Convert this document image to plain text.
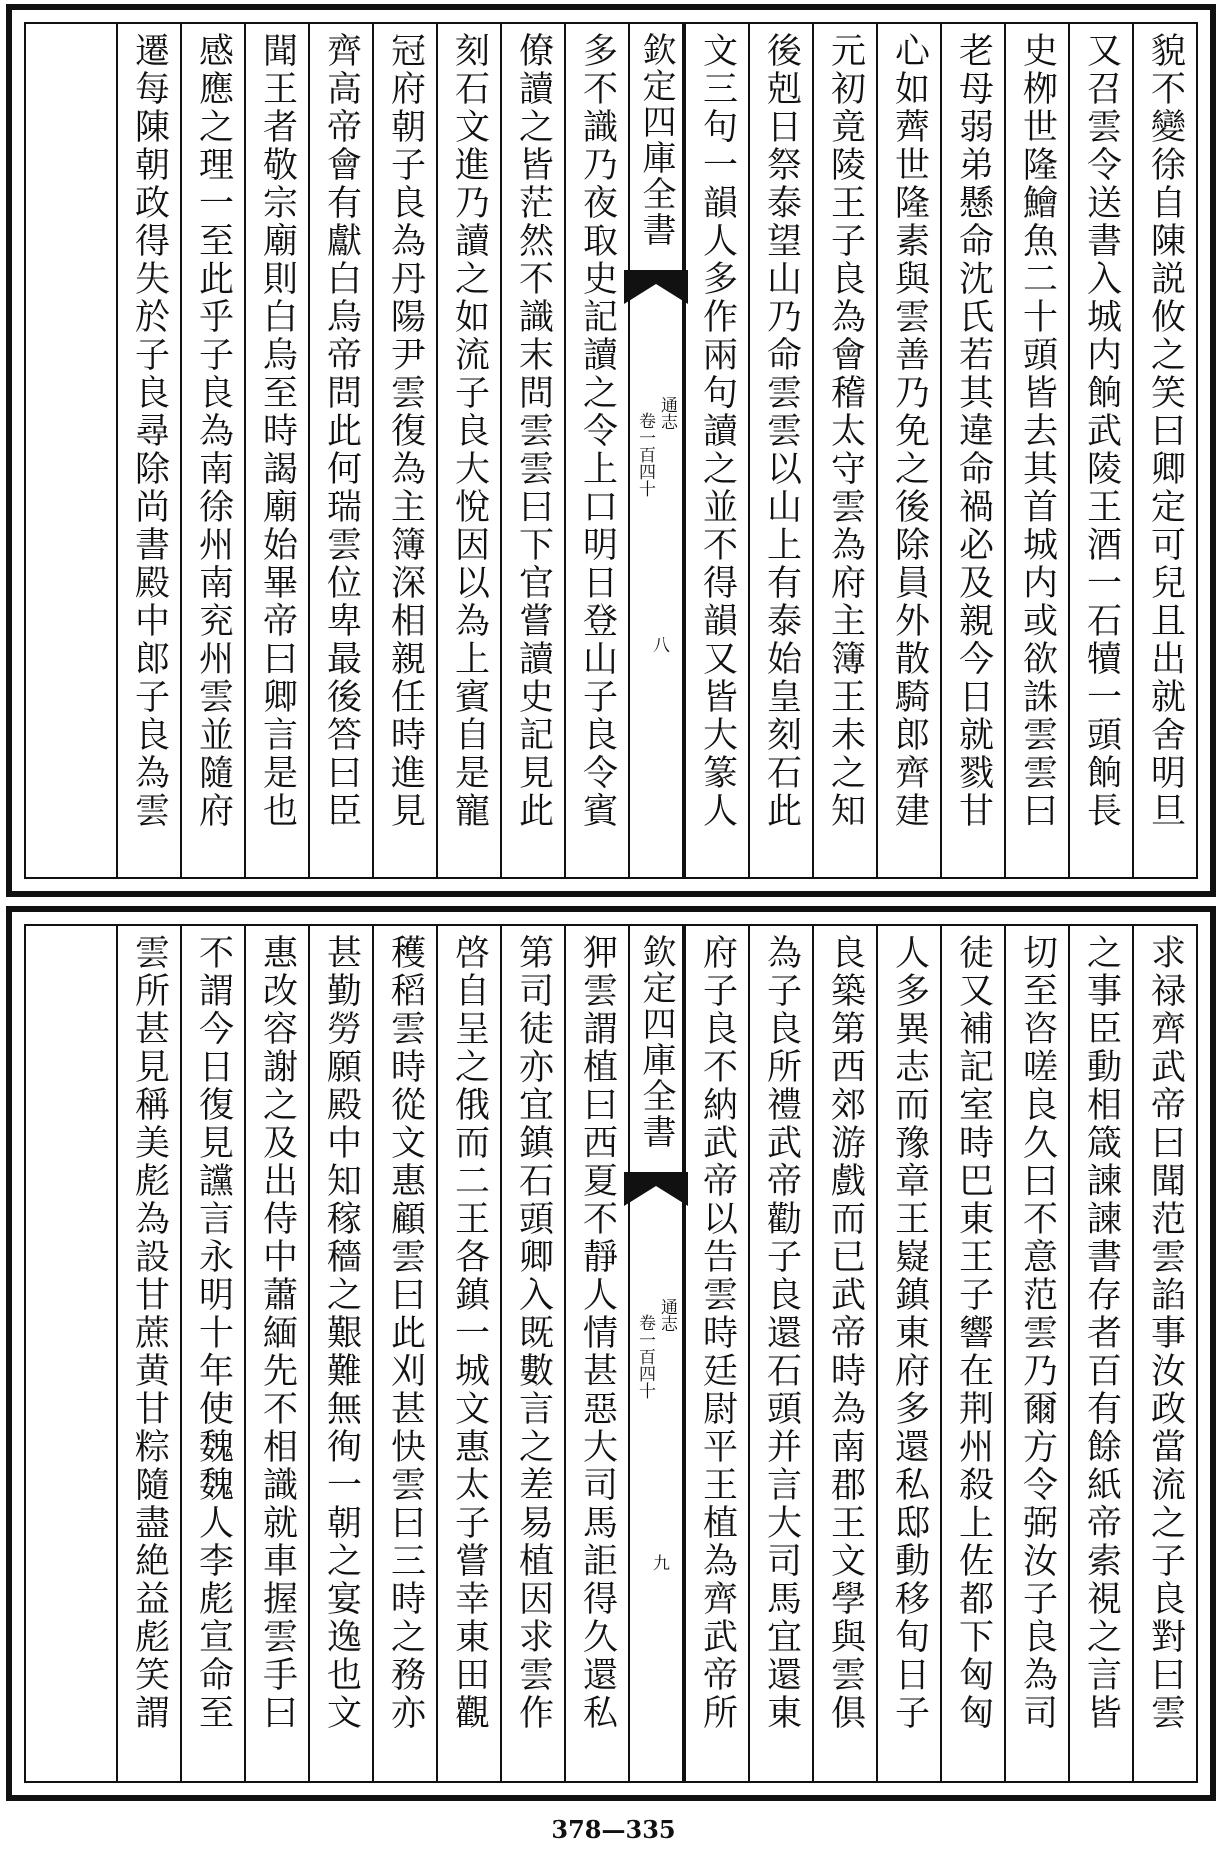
貌不變徐自陳説攸之笑曰卿定可兒且出就舍明旦
又召雲令送書入城内餉武陵王酒一石犢一頭餉長
史栁世隆鱠魚二十頭皆去其首城内或欲誅雲雲曰
老母弱弟懸命沈氏若其違命禍必及親今日就戮甘
心如薺世隆素與雲善乃免之後除員外散騎郎齊建
元初竟陵王子良為會稽太守雲為府主簿王未之知
後剋日祭泰望山乃命雲雲以山上有泰始皇刻石此
文三句一韻人多作兩句讀之並不得韻又皆大篆人
欽定四庫全書
通志
卷一百四十
八
多不識乃夜取史記讀之令上口明日登山子良令賓
僚讀之皆茫然不識末問雲雲曰下官嘗讀史記見此
刻石文進乃讀之如流子良大悅因以為上賓自是寵
冠府朝子良為丹陽尹雲復為主簿深相親任時進見
齊高帝會有獻白烏帝問此何瑞雲位卑最後答曰臣
聞王者敬宗廟則白烏至時謁廟始畢帝曰卿言是也
感應之理一至此乎子良為南徐州南兖州雲並隨府
遷每陳朝政得失於子良尋除尚書殿中郎子良為雲
求禄齊武帝曰聞范雲諂事汝政當流之子良對曰雲
之事臣動相箴諫諫書存者百有餘紙帝索視之言皆
切至咨嗟良久曰不意范雲乃爾方令弼汝子良為司
徒又補記室時巴東王子響在荆州殺上佐都下匈匈
人多異志而豫章王嶷鎮東府多還私邸動移旬日子
良築第西郊游戲而已武帝時為南郡王文學與雲俱
為子良所禮武帝勸子良還石頭并言大司馬宜還東
府子良不納武帝以告雲時廷尉平王植為齊武帝所
欽定四庫全書
通志
卷一百四十
九
狎雲謂植曰西夏不靜人情甚惡大司馬詎得久還私
第司徒亦宜鎮石頭卿入既數言之差易植因求雲作
啓自呈之俄而二王各鎮一城文惠太子嘗幸東田觀
穫稻雲時從文惠顧雲曰此刈甚快雲曰三時之務亦
甚勤勞願殿中知稼穡之艱難無徇一朝之宴逸也文
惠改容謝之及出侍中蕭緬先不相識就車握雲手曰
不謂今日復見讜言永明十年使魏魏人李彪宣命至
雲所甚見稱美彪為設甘蔗黄甘粽隨盡絶益彪笑謂
378—335
